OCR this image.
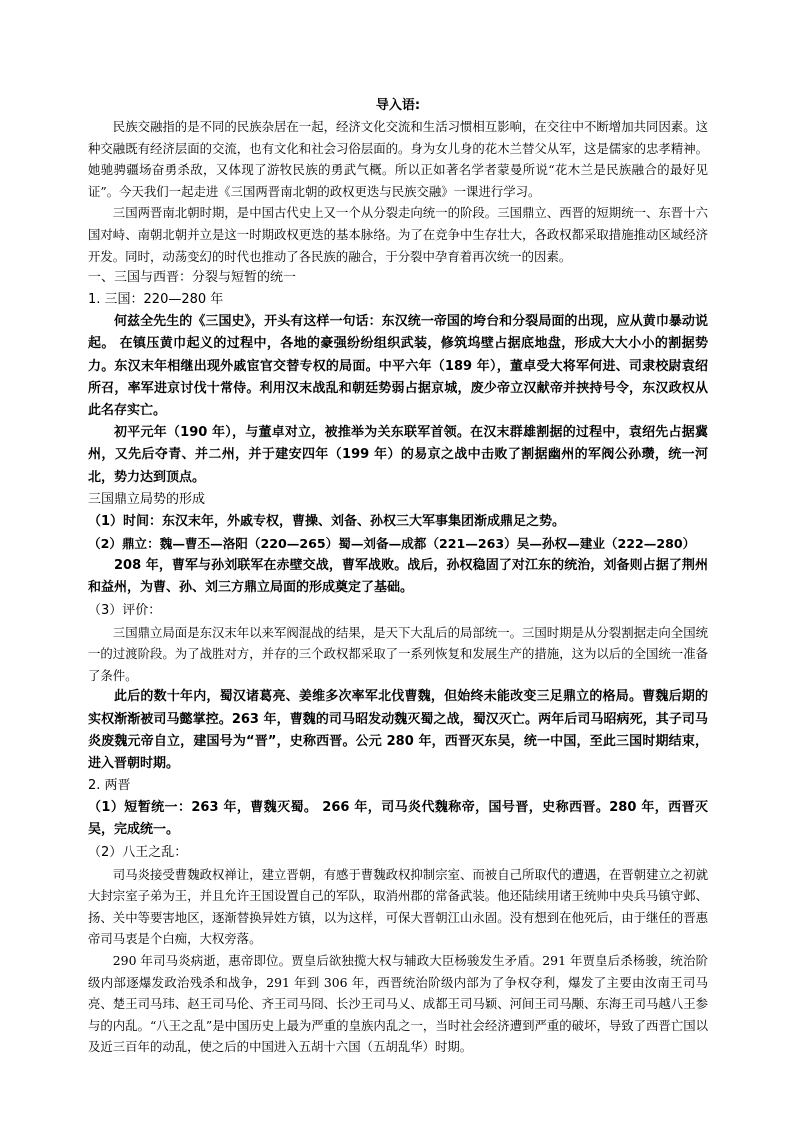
导入语:

民族交融指的是不同的民族杂居在一起，经济文化交流和生活习惯相互影响，在交往中不断增加共同因素。这种交融既有经济层面的交流，也有文化和社会习俗层面的。身为女儿身的花木兰替父从军，这是儒家的忠孝精神。她驰骋疆场奋勇杀敌，又体现了游牧民族的勇武气概。所以正如著名学者蒙曼所说“花木兰是民族融合的最好见证”。今天我们一起走进《三国两晋南北朝的政权更迭与民族交融》一课进行学习。

三国两晋南北朝时期，是中国古代史上又一个从分裂走向统一的阶段。三国鼎立、西晋的短期统一、东晋十六国对峙、南朝北朝并立是这一时期政权更迭的基本脉络。为了在竞争中生存壮大，各政权都采取措施推动区域经济开发。同时，动荡变幻的时代也推动了各民族的融合，于分裂中孕育着再次统一的因素。

一、三国与西晋：分裂与短暂的统一

1. 三国：220—280 年

何兹全先生的《三国史》，开头有这样一句话：东汉统一帝国的垮台和分裂局面的出现，应从黄巾暴动说起。 在镇压黄巾起义的过程中，各地的豪强纷纷组织武装，修筑坞壁占据底地盘，形成大大小小的割据势力。东汉末年相继出现外戚宦官交替专权的局面。中平六年（189 年），董卓受大将军何进、司隶校尉袁绍所召，率军进京讨伐十常侍。利用汉末战乱和朝廷势弱占据京城，废少帝立汉献帝并挟持号令，东汉政权从此名存实亡。

初平元年（190 年），与董卓对立，被推举为关东联军首领。在汉末群雄割据的过程中，袁绍先占据冀州，又先后夺青、并二州，并于建安四年（199 年）的易京之战中击败了割据幽州的军阀公孙瓒，统一河北，势力达到顶点。

三国鼎立局势的形成

（1）时间：东汉末年，外戚专权，曹操、刘备、孙权三大军事集团渐成鼎足之势。

（2）鼎立：魏—曹丕—洛阳（220—265）蜀—刘备—成都（221—263）吴—孙权—建业（222—280）

208 年，曹军与孙刘联军在赤壁交战，曹军战败。战后，孙权稳固了对江东的统治，刘备则占据了荆州和益州，为曹、孙、刘三方鼎立局面的形成奠定了基础。

（3）评价：

三国鼎立局面是东汉末年以来军阀混战的结果，是天下大乱后的局部统一。三国时期是从分裂割据走向全国统一的过渡阶段。为了战胜对方，并存的三个政权都采取了一系列恢复和发展生产的措施，这为以后的全国统一准备了条件。

此后的数十年内，蜀汉诸葛亮、姜维多次率军北伐曹魏，但始终未能改变三足鼎立的格局。曹魏后期的实权渐渐被司马懿掌控。263 年，曹魏的司马昭发动魏灭蜀之战，蜀汉灭亡。两年后司马昭病死，其子司马炎废魏元帝自立，建国号为“晋”，史称西晋。公元 280 年，西晋灭东吴，统一中国，至此三国时期结束，进入晋朝时期。

2. 两晋

（1）短暂统一：263 年，曹魏灭蜀。 266 年，司马炎代魏称帝，国号晋，史称西晋。280 年，西晋灭吴，完成统一。

（2）八王之乱：

司马炎接受曹魏政权禅让，建立晋朝，有感于曹魏政权抑制宗室、而被自己所取代的遭遇，在晋朝建立之初就大封宗室子弟为王，并且允许王国设置自己的军队，取消州郡的常备武装。他还陆续用诸王统帅中央兵马镇守邺、扬、关中等要害地区，逐渐替换异姓方镇，以为这样，可保大晋朝江山永固。没有想到在他死后，由于继任的晋惠帝司马衷是个白痴，大权旁落。

290 年司马炎病逝，惠帝即位。贾皇后欲独揽大权与辅政大臣杨骏发生矛盾。291 年贾皇后杀杨骏，统治阶级内部逐爆发政治残杀和战争，291 年到 306 年，西晋统治阶级内部为了争权夺利，爆发了主要由汝南王司马亮、楚王司马玮、赵王司马伦、齐王司马冏、长沙王司马乂、成都王司马颖、河间王司马颙、东海王司马越八王参与的内乱。“八王之乱”是中国历史上最为严重的皇族内乱之一，当时社会经济遭到严重的破坏，导致了西晋亡国以及近三百年的动乱，使之后的中国进入五胡十六国（五胡乱华）时期。
